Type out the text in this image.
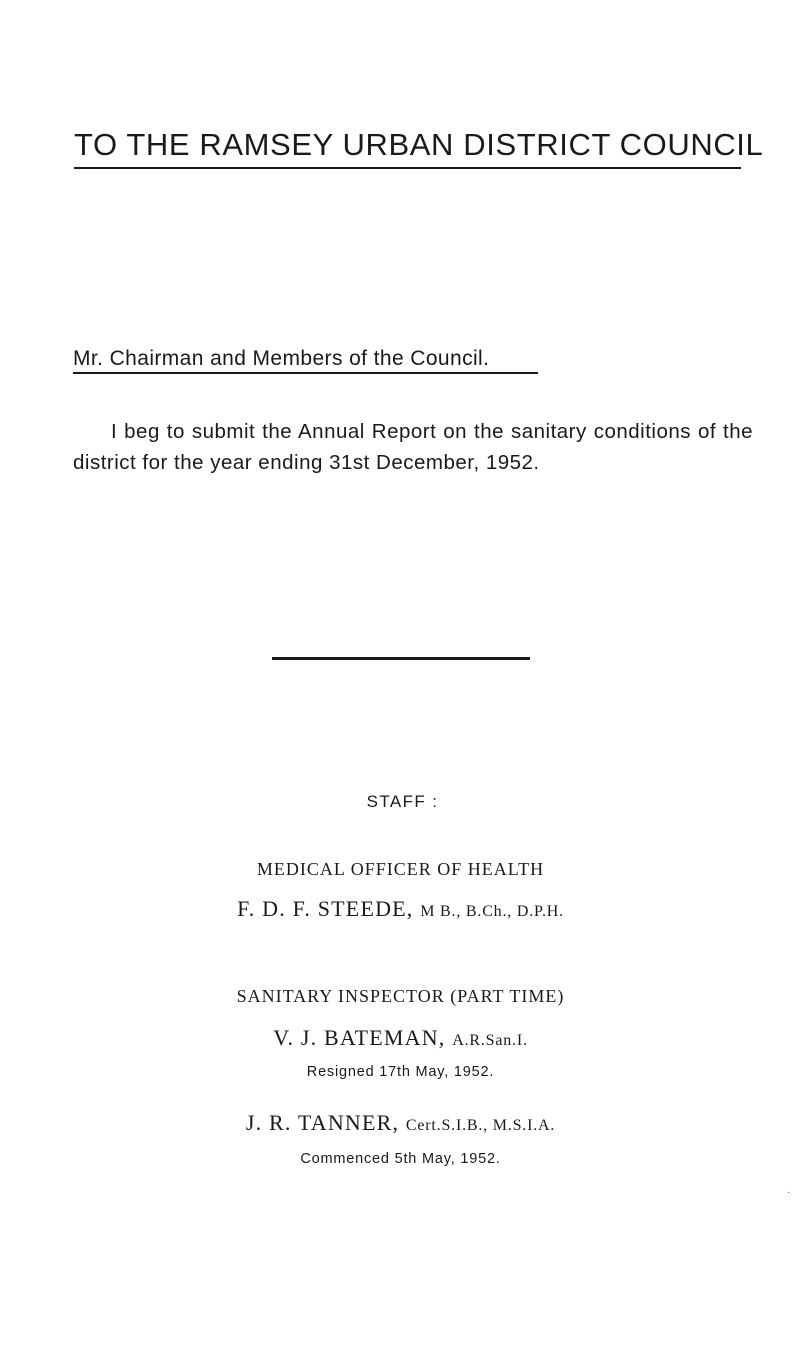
TO THE RAMSEY URBAN DISTRICT COUNCIL

Mr. Chairman and Members of the Council.

I beg to submit the Annual Report on the sanitary conditions of the district for the year ending 31st December, 1952.

STAFF :

MEDICAL OFFICER OF HEALTH

F. D. F. STEEDE, M B., B.Ch., D.P.H.

SANITARY INSPECTOR (PART TIME)

V. J. BATEMAN, A.R.San.I.

Resigned 17th May, 1952.

J. R. TANNER, Cert.S.I.B., M.S.I.A.

Commenced 5th May, 1952.

·
